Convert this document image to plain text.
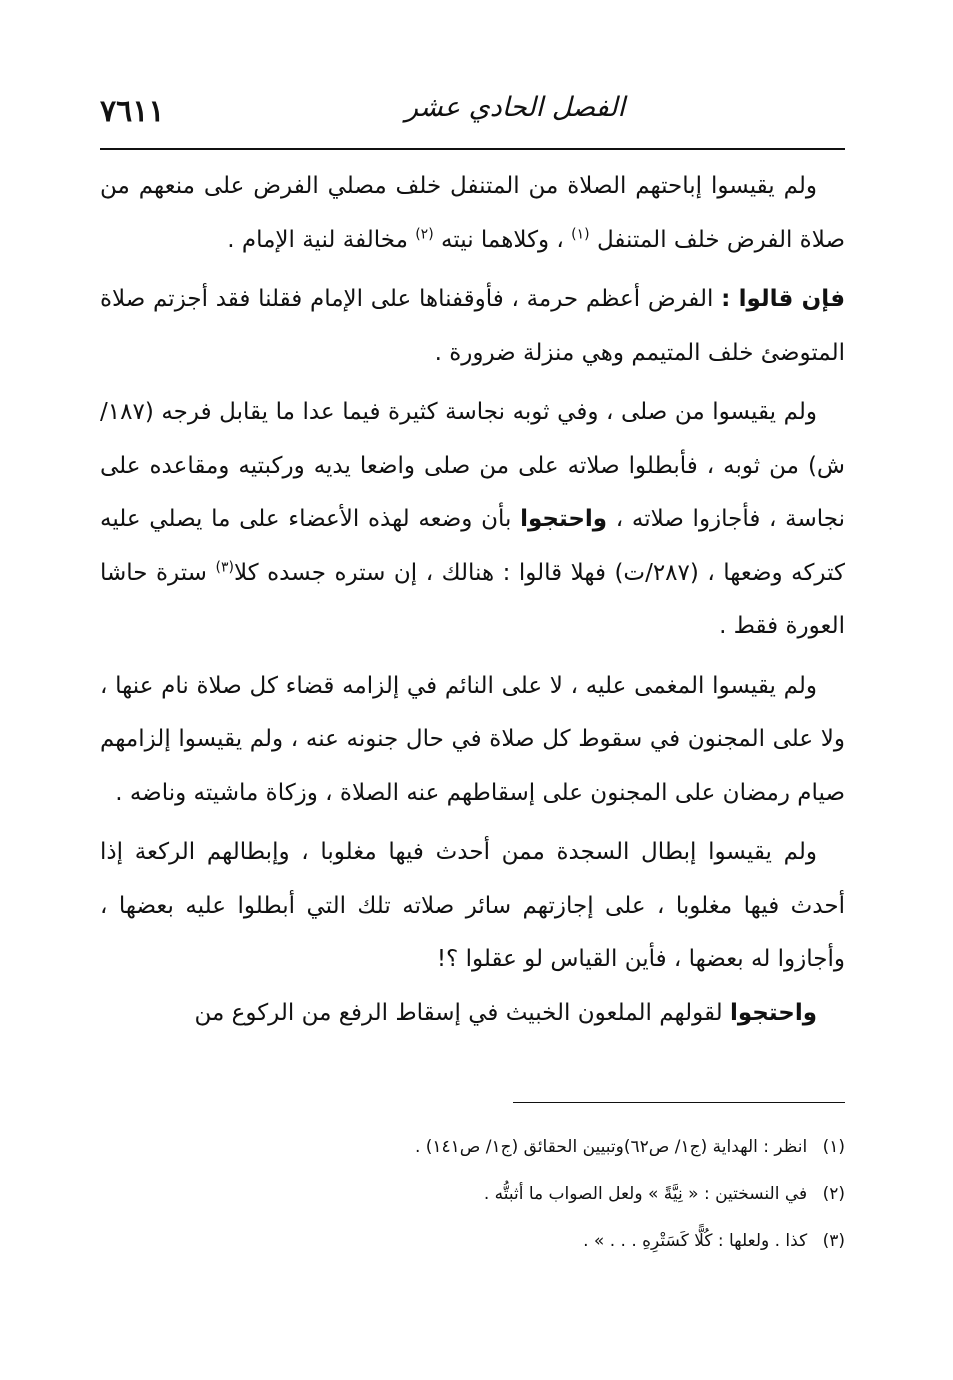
١١٦٧	الفصل الحادي عشر

ولم يقيسوا إباحتهم الصلاة من المتنفل خلف مصلي الفرض على منعهم من صلاة الفرض خلف المتنفل $^{(١)}$ ، وكلاهما نيته $^{(٢)}$ مخالفة لنية الإمام .

فإن قالوا : الفرض أعظم حرمة ، فأوقفناها على الإمام فقلنا فقد أجزتم صلاة المتوضئ خلف المتيمم وهي منزلة ضرورة .

ولم يقيسوا من صلى ، وفي ثوبه نجاسة كثيرة فيما عدا ما يقابل فرجه (١٨٧/ش) من ثوبه ، فأبطلوا صلاته على من صلى واضعا يديه وركبتيه ومقاعده على نجاسة ، فأجازوا صلاته ، واحتجوا بأن وضعه لهذه الأعضاء على ما يصلي عليه كتركه وضعها ، (٢٨٧/ت) فهلا قالوا : هنالك ، إن ستره جسده كلا$^{(٣)}$ سترة حاشا العورة فقط .

ولم يقيسوا المغمى عليه ، لا على النائم في إلزامه قضاء كل صلاة نام عنها ، ولا على المجنون في سقوط كل صلاة في حال جنونه عنه ، ولم يقيسوا إلزامهم صيام رمضان على المجنون على إسقاطهم عنه الصلاة ، وزكاة ماشيته وناضه .

ولم يقيسوا إبطال السجدة ممن أحدث فيها مغلوبا ، وإبطالهم الركعة إذا أحدث فيها مغلوبا ، على إجازتهم سائر صلاته تلك التي أبطلوا عليه بعضها ، وأجازوا له بعضها ، فأين القياس لو عقلوا ؟!

واحتجوا لقولهم الملعون الخبيث في إسقاط الرفع من الركوع من

(١) انظر : الهداية (ج١/ ص٦٢)وتبيين الحقائق (ج١/ ص١٤١) .

(٢) في النسختين : « نِيَّةً » ولعل الصواب ما أثبتُّه .

(٣) كذا . ولعلها : كُلًّا كَسَتْرِهِ . . . » .
